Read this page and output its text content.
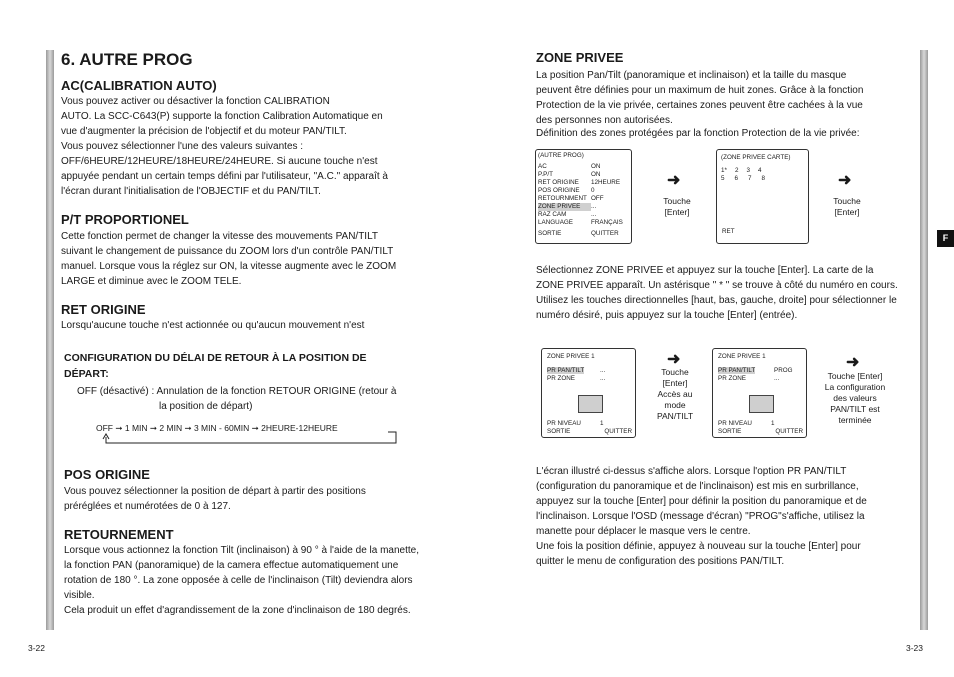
6. AUTRE PROG
AC(CALIBRATION AUTO)
Vous pouvez activer ou désactiver la fonction CALIBRATION
AUTO. La SCC-C643(P) supporte la fonction Calibration Automatique en
vue d'augmenter la précision de l'objectif et du moteur PAN/TILT.
Vous pouvez sélectionner l'une des valeurs suivantes :
OFF/6HEURE/12HEURE/18HEURE/24HEURE. Si aucune touche n'est
appuyée pendant un certain temps défini par l'utilisateur, "A.C." apparaît à
l'écran durant l'initialisation de l'OBJECTIF et du PAN/TILT.
P/T PROPORTIONEL
Cette fonction permet de changer la vitesse des mouvements PAN/TILT
suivant le changement de puissance du ZOOM lors d'un contrôle PAN/TILT
manuel. Lorsque vous la réglez sur ON, la vitesse augmente avec le ZOOM
LARGE et diminue avec le ZOOM TELE.
RET ORIGINE
Lorsqu'aucune touche n'est actionnée ou qu'aucun mouvement n'est
CONFIGURATION DU DÉLAI DE RETOUR À LA POSITION DE
DÉPART:
OFF (désactivé) : Annulation de la fonction RETOUR ORIGINE (retour à
la position de départ)
OFF ➞ 1 MIN ➞ 2 MIN ➞ 3 MIN - 60MIN ➞ 2HEURE-12HEURE
POS ORIGINE
Vous pouvez sélectionner la position de départ à partir des positions
préréglées et numérotées de 0 à 127.
RETOURNEMENT
Lorsque vous actionnez la fonction Tilt (inclinaison) à 90 ° à l'aide de la manette,
la fonction PAN (panoramique) de la camera effectue automatiquement une
rotation de 180 °. La zone opposée à celle de l'inclinaison (Tilt) deviendra alors
visible.
Cela produit un effet d'agrandissement de la zone d'inclinaison de 180 degrés.
3-22
ZONE PRIVEE
La position Pan/Tilt (panoramique et inclinaison) et la taille du masque
peuvent être définies pour un maximum de huit zones. Grâce à la fonction
Protection de la vie privée, certaines zones peuvent être cachées à la vue
des personnes non autorisées.
Définition des zones protégées par la fonction Protection de la vie privée:
(AUTRE PROG)
AC	ON
P.P/T	ON
RET ORIGINE	12HEURE
POS ORIGINE	0
RETOURNMENT OFF
ZONE PRIVEE	...
RAZ CAM	...
LANGUAGE	FRANÇAIS
SORTIE	QUITTER
➜
Touche
[Enter]
(ZONE PRIVEE CARTE)
1* 2 3 4
5 6 7 8
RET
➜
Touche
[Enter]
Sélectionnez ZONE PRIVEE et appuyez sur la touche [Enter]. La carte de la
ZONE PRIVEE apparaît. Un astérisque " * " se trouve à côté du numéro en cours.
Utilisez les touches directionnelles [haut, bas, gauche, droite] pour sélectionner le
numéro désiré, puis appuyez sur la touche [Enter] (entrée).
ZONE PRIVEE 1
PR PAN/TILT	...
PR ZONE	...
PR NIVEAU	1
SORTIE	QUITTER
➜
Touche
[Enter]
Accès au
mode
PAN/TILT
ZONE PRIVEE 1
PR PAN/TILT	PROG
PR ZONE	...
PR NIVEAU	1
SORTIE	QUITTER
➜
Touche [Enter]
La configuration
des valeurs
PAN/TILT est
terminée
L'écran illustré ci-dessus s'affiche alors. Lorsque l'option PR PAN/TILT
(configuration du panoramique et de l'inclinaison) est mis en surbrillance,
appuyez sur la touche [Enter] pour définir la position du panoramique et de
l'inclinaison. Lorsque l'OSD (message d'écran) "PROG"s'affiche, utilisez la
manette pour déplacer le masque vers le centre.
Une fois la position définie, appuyez à nouveau sur la touche [Enter] pour
quitter le menu de configuration des positions PAN/TILT.
3-23
F
